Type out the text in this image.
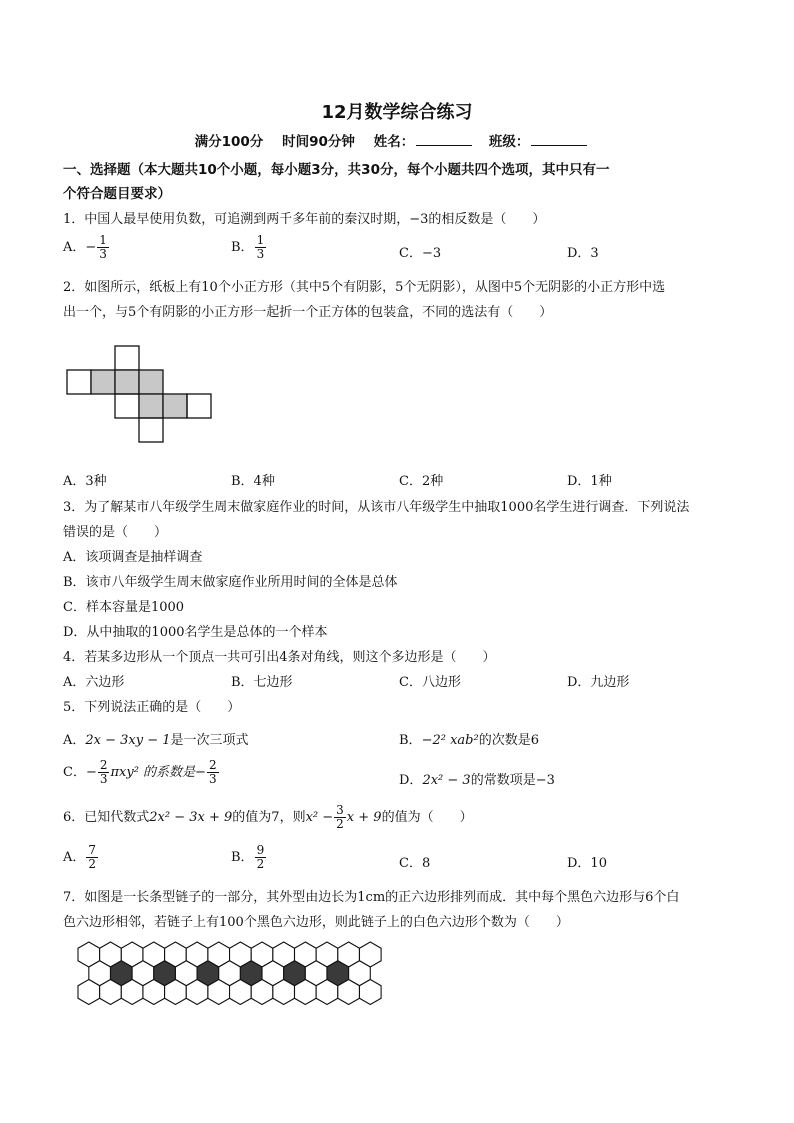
12月数学综合练习
满分100分 时间90分钟 姓名：	班级：
一、选择题（本大题共10个小题，每小题3分，共30分，每个小题共四个选项，其中只有一
个符合题目要求）
1．中国人最早使用负数，可追溯到两千多年前的秦汉时期，−3的相反数是（　　）
A．− $\frac{1}{3}$	B． $\frac{1}{3}$	C．−3	D．3
2．如图所示，纸板上有10个小正方形（其中5个有阴影，5个无阴影），从图中5个无阴影的小正方形中选
出一个，与5个有阴影的小正方形一起折一个正方体的包装盒，不同的选法有（　　）
A．3种	B．4种	C．2种	D．1种
3．为了解某市八年级学生周末做家庭作业的时间，从该市八年级学生中抽取1000名学生进行调查．下列说法
错误的是（　　）
A．该项调查是抽样调查
B．该市八年级学生周末做家庭作业所用时间的全体是总体
C．样本容量是1000
D．从中抽取的1000名学生是总体的一个样本
4．若某多边形从一个顶点一共可引出4条对角线，则这个多边形是（　　）
A．六边形	B．七边形	C．八边形	D．九边形
5．下列说法正确的是（　　）
A．2x − 3xy − 1是一次三项式	B．−2² xab²的次数是6
C．− $\frac{2}{3} \pi xy^2$ 的系数是− $\frac{2}{3}$	D．2x² − 3的常数项是−3
6．已知代数式2x² − 3x + 9的值为7，则$x^2 - \frac{3}{2}$ x + 9的值为（　　）
A． $\frac{7}{2}$	B． $\frac{9}{2}$	C．8	D．10
7．如图是一长条型链子的一部分，其外型由边长为1cm的正六边形排列而成．其中每个黑色六边形与6个白
色六边形相邻，若链子上有100个黑色六边形，则此链子上的白色六边形个数为（　　）
